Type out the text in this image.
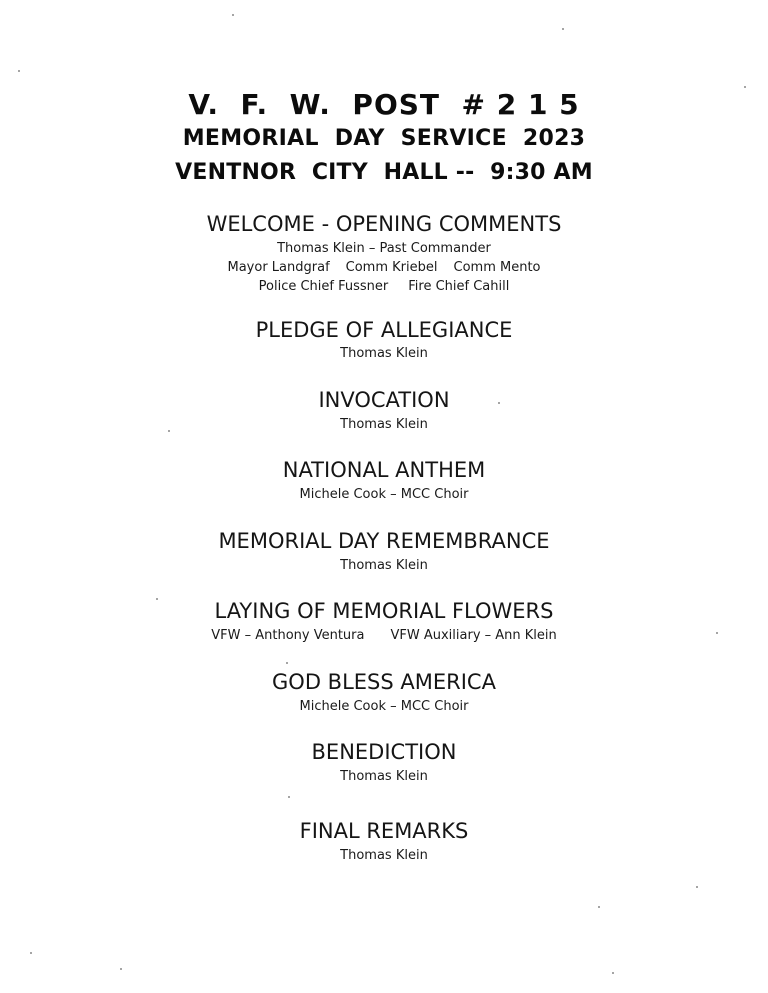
V.  F.  W.  POST  # 2 1 5
MEMORIAL  DAY  SERVICE  2023
VENTNOR  CITY  HALL --  9:30 AM
WELCOME - OPENING COMMENTS
Thomas Klein – Past Commander
Mayor Landgraf Comm Kriebel Comm Mento
Police Chief Fussner Fire Chief Cahill
PLEDGE OF ALLEGIANCE
Thomas Klein
INVOCATION
Thomas Klein
NATIONAL ANTHEM
Michele Cook – MCC Choir
MEMORIAL DAY REMEMBRANCE
Thomas Klein
LAYING OF MEMORIAL FLOWERS
VFW – Anthony Ventura VFW Auxiliary – Ann Klein
GOD BLESS AMERICA
Michele Cook – MCC Choir
BENEDICTION
Thomas Klein
FINAL REMARKS
Thomas Klein
